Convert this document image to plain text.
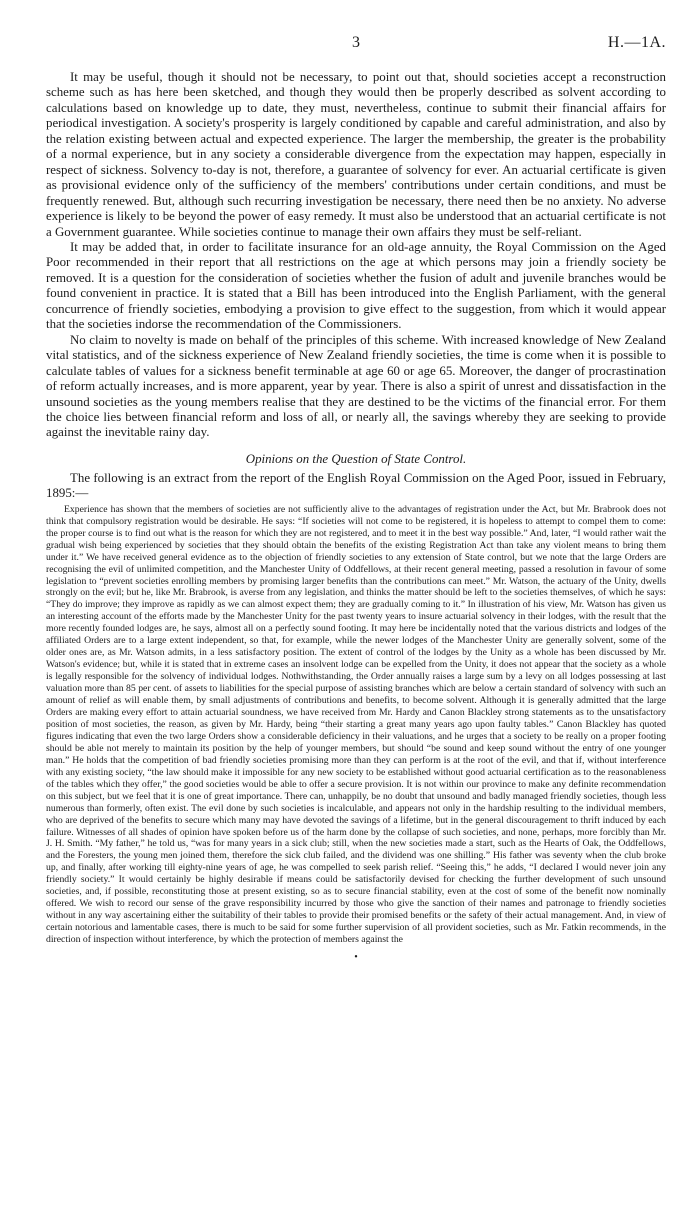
3	H.—1A.

It may be useful, though it should not be necessary, to point out that, should societies accept a reconstruction scheme such as has here been sketched, and though they would then be properly described as solvent according to calculations based on knowledge up to date, they must, nevertheless, continue to submit their financial affairs for periodical investigation. A society's prosperity is largely conditioned by capable and careful administration, and also by the relation existing between actual and expected experience. The larger the membership, the greater is the probability of a normal experience, but in any society a considerable divergence from the expectation may happen, especially in respect of sickness. Solvency to-day is not, therefore, a guarantee of solvency for ever. An actuarial certificate is given as provisional evidence only of the sufficiency of the members' contributions under certain conditions, and must be frequently renewed. But, although such recurring investigation be necessary, there need then be no anxiety. No adverse experience is likely to be beyond the power of easy remedy. It must also be understood that an actuarial certificate is not a Government guarantee. While societies continue to manage their own affairs they must be self-reliant.

It may be added that, in order to facilitate insurance for an old-age annuity, the Royal Commission on the Aged Poor recommended in their report that all restrictions on the age at which persons may join a friendly society be removed. It is a question for the consideration of societies whether the fusion of adult and juvenile branches would be found convenient in practice. It is stated that a Bill has been introduced into the English Parliament, with the general concurrence of friendly societies, embodying a provision to give effect to the suggestion, from which it would appear that the societies indorse the recommendation of the Commissioners.

No claim to novelty is made on behalf of the principles of this scheme. With increased knowledge of New Zealand vital statistics, and of the sickness experience of New Zealand friendly societies, the time is come when it is possible to calculate tables of values for a sickness benefit terminable at age 60 or age 65. Moreover, the danger of procrastination of reform actually increases, and is more apparent, year by year. There is also a spirit of unrest and dissatisfaction in the unsound societies as the young members realise that they are destined to be the victims of the financial error. For them the choice lies between financial reform and loss of all, or nearly all, the savings whereby they are seeking to provide against the inevitable rainy day.

Opinions on the Question of State Control.

The following is an extract from the report of the English Royal Commission on the Aged Poor, issued in February, 1895:—

Experience has shown that the members of societies are not sufficiently alive to the advantages of registration under the Act, but Mr. Brabrook does not think that compulsory registration would be desirable. He says: “If societies will not come to be registered, it is hopeless to attempt to compel them to come: the proper course is to find out what is the reason for which they are not registered, and to meet it in the best way possible.” And, later, “I would rather wait the gradual wish being experienced by societies that they should obtain the benefits of the existing Registration Act than take any violent means to bring them under it.” We have received general evidence as to the objection of friendly societies to any extension of State control, but we note that the large Orders are recognising the evil of unlimited competition, and the Manchester Unity of Oddfellows, at their recent general meeting, passed a resolution in favour of some legislation to “prevent societies enrolling members by promising larger benefits than the contributions can meet.” Mr. Watson, the actuary of the Unity, dwells strongly on the evil; but he, like Mr. Brabrook, is averse from any legislation, and thinks the matter should be left to the societies themselves, of which he says: “They do improve; they improve as rapidly as we can almost expect them; they are gradually coming to it.” In illustration of his view, Mr. Watson has given us an interesting account of the efforts made by the Manchester Unity for the past twenty years to insure actuarial solvency in their lodges, with the result that the more recently founded lodges are, he says, almost all on a perfectly sound footing. It may here be incidentally noted that the various districts and lodges of the affiliated Orders are to a large extent independent, so that, for example, while the newer lodges of the Manchester Unity are generally solvent, some of the older ones are, as Mr. Watson admits, in a less satisfactory position. The extent of control of the lodges by the Unity as a whole has been discussed by Mr. Watson's evidence; but, while it is stated that in extreme cases an insolvent lodge can be expelled from the Unity, it does not appear that the society as a whole is legally responsible for the solvency of individual lodges. Nothwithstanding, the Order annually raises a large sum by a levy on all lodges possessing at last valuation more than 85 per cent. of assets to liabilities for the special purpose of assisting branches which are below a certain standard of solvency with such an amount of relief as will enable them, by small adjustments of contributions and benefits, to become solvent. Although it is generally admitted that the large Orders are making every effort to attain actuarial soundness, we have received from Mr. Hardy and Canon Blackley strong statements as to the unsatisfactory position of most societies, the reason, as given by Mr. Hardy, being “their starting a great many years ago upon faulty tables.” Canon Blackley has quoted figures indicating that even the two large Orders show a considerable deficiency in their valuations, and he urges that a society to be really on a proper footing should be able not merely to maintain its position by the help of younger members, but should “be sound and keep sound without the entry of one younger man.” He holds that the competition of bad friendly societies promising more than they can perform is at the root of the evil, and that if, without interference with any existing society, “the law should make it impossible for any new society to be established without good actuarial certification as to the reasonableness of the tables which they offer,” the good societies would be able to offer a secure provision. It is not within our province to make any definite recommendation on this subject, but we feel that it is one of great importance. There can, unhappily, be no doubt that unsound and badly managed friendly societies, though less numerous than formerly, often exist. The evil done by such societies is incalculable, and appears not only in the hardship resulting to the individual members, who are deprived of the benefits to secure which many may have devoted the savings of a lifetime, but in the general discouragement to thrift induced by each failure. Witnesses of all shades of opinion have spoken before us of the harm done by the collapse of such societies, and none, perhaps, more forcibly than Mr. J. H. Smith. “My father,” he told us, “was for many years in a sick club; still, when the new societies made a start, such as the Hearts of Oak, the Oddfellows, and the Foresters, the young men joined them, therefore the sick club failed, and the dividend was one shilling.” His father was seventy when the club broke up, and finally, after working till eighty-nine years of age, he was compelled to seek parish relief. “Seeing this,” he adds, “I declared I would never join any friendly society.” It would certainly be highly desirable if means could be satisfactorily devised for checking the further development of such unsound societies, and, if possible, reconstituting those at present existing, so as to secure financial stability, even at the cost of some of the benefit now nominally offered. We wish to record our sense of the grave responsibility incurred by those who give the sanction of their names and patronage to friendly societies without in any way ascertaining either the suitability of their tables to provide their promised benefits or the safety of their actual management. And, in view of certain notorious and lamentable cases, there is much to be said for some further supervision of all provident societies, such as Mr. Fatkin recommends, in the direction of inspection without interference, by which the protection of members against the

•
